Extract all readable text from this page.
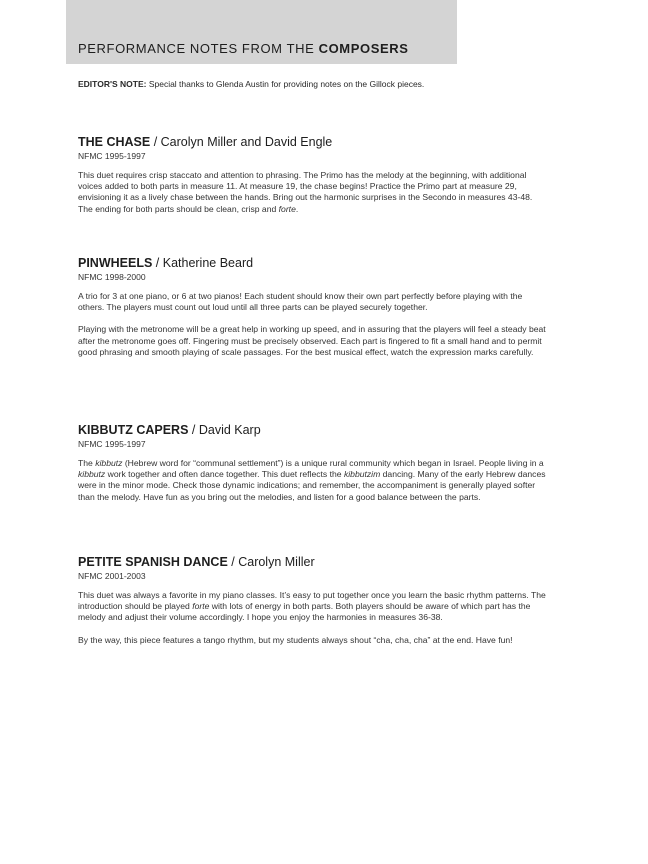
PERFORMANCE NOTES FROM THE COMPOSERS
EDITOR'S NOTE: Special thanks to Glenda Austin for providing notes on the Gillock pieces.
THE CHASE / Carolyn Miller and David Engle
NFMC 1995-1997

This duet requires crisp staccato and attention to phrasing. The Primo has the melody at the beginning, with additional voices added to both parts in measure 11. At measure 19, the chase begins! Practice the Primo part at measure 29, envisioning it as a lively chase between the hands. Bring out the harmonic surprises in the Secondo in measures 43-48. The ending for both parts should be clean, crisp and forte.

PINWHEELS / Katherine Beard
NFMC 1998-2000

A trio for 3 at one piano, or 6 at two pianos! Each student should know their own part perfectly before playing with the others. The players must count out loud until all three parts can be played securely together.

Playing with the metronome will be a great help in working up speed, and in assuring that the players will feel a steady beat after the metronome goes off. Fingering must be precisely observed. Each part is fingered to fit a small hand and to permit good phrasing and smooth playing of scale passages. For the best musical effect, watch the expression marks carefully.

KIBBUTZ CAPERS / David Karp
NFMC 1995-1997

The kibbutz (Hebrew word for “communal settlement”) is a unique rural community which began in Israel. People living in a kibbutz work together and often dance together. This duet reflects the kibbutzim dancing. Many of the early Hebrew dances were in the minor mode. Check those dynamic indications; and remember, the accompaniment is generally played softer than the melody. Have fun as you bring out the melodies, and listen for a good balance between the parts.

PETITE SPANISH DANCE / Carolyn Miller
NFMC 2001-2003

This duet was always a favorite in my piano classes. It’s easy to put together once you learn the basic rhythm patterns. The introduction should be played forte with lots of energy in both parts. Both players should be aware of which part has the melody and adjust their volume accordingly. I hope you enjoy the harmonies in measures 36-38.

By the way, this piece features a tango rhythm, but my students always shout “cha, cha, cha” at the end. Have fun!
